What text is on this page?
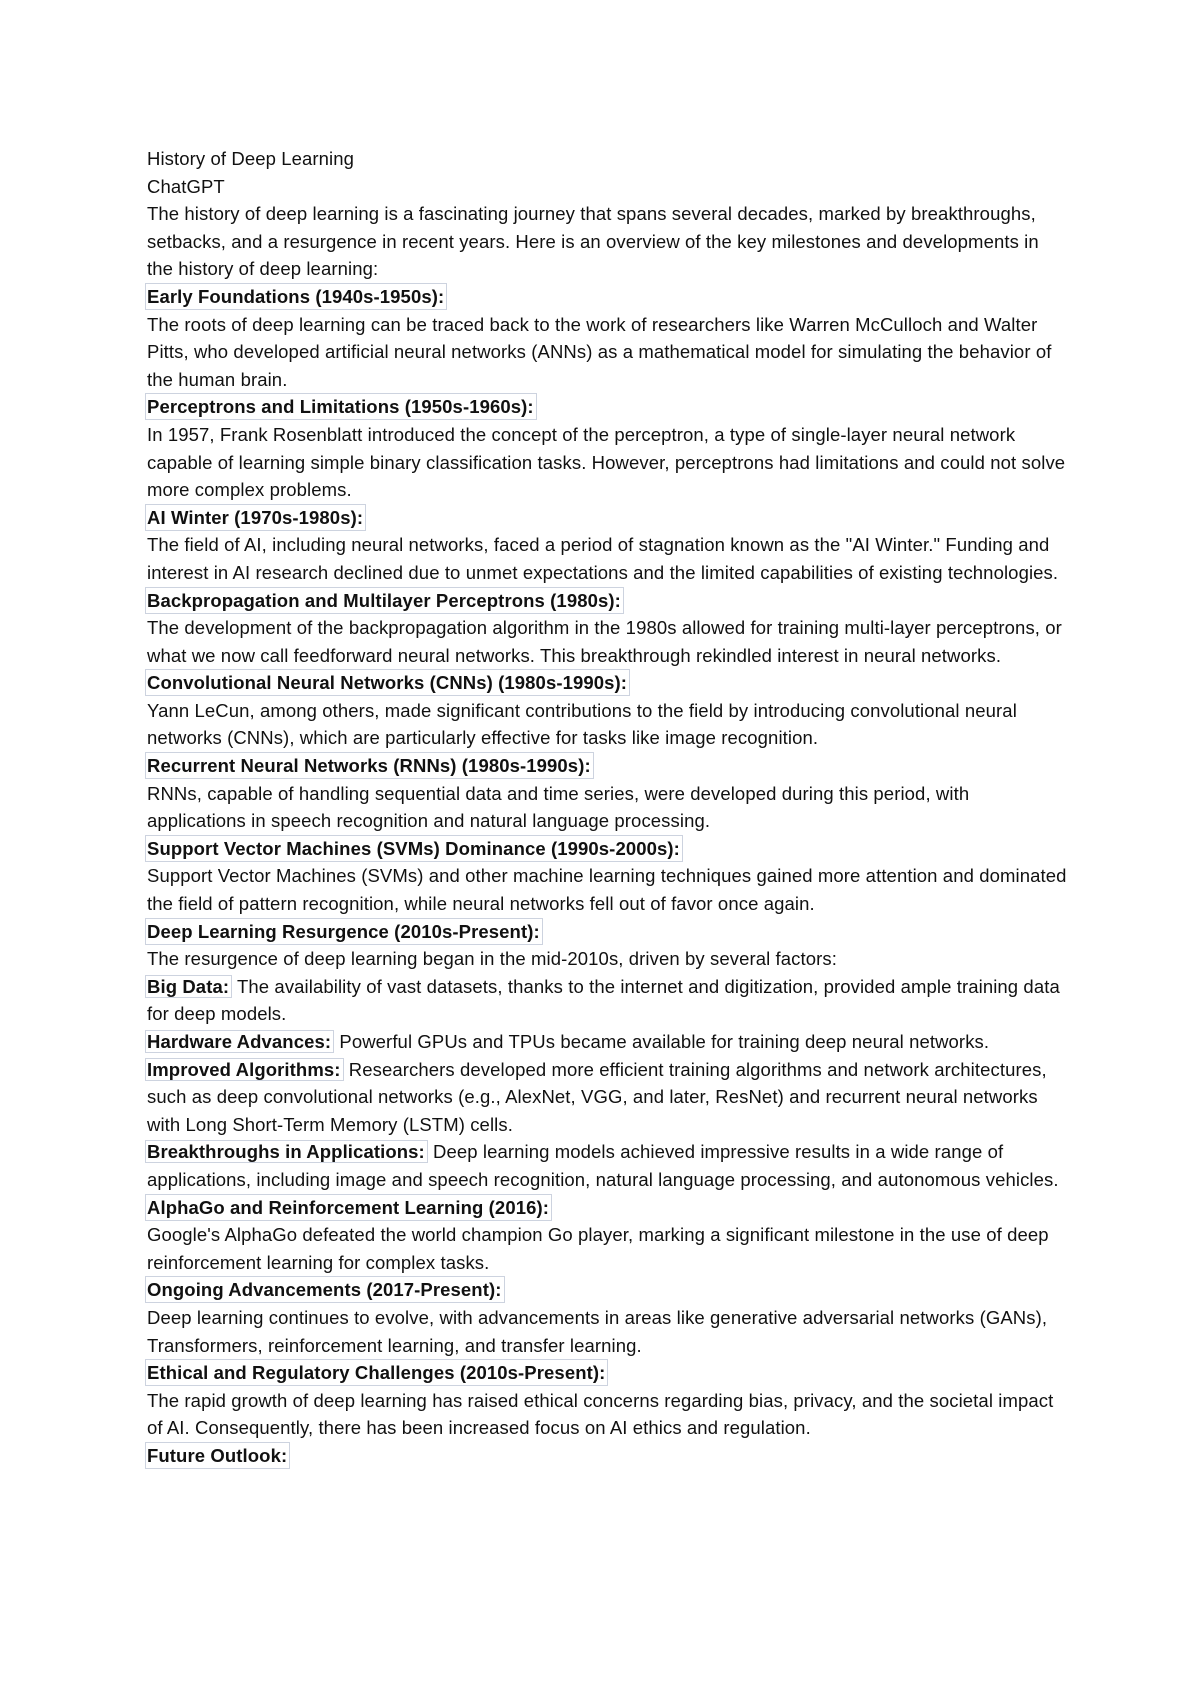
History of Deep Learning
ChatGPT
The history of deep learning is a fascinating journey that spans several decades, marked by breakthroughs, setbacks, and a resurgence in recent years. Here is an overview of the key milestones and developments in the history of deep learning:
Early Foundations (1940s-1950s):
The roots of deep learning can be traced back to the work of researchers like Warren McCulloch and Walter Pitts, who developed artificial neural networks (ANNs) as a mathematical model for simulating the behavior of the human brain.
Perceptrons and Limitations (1950s-1960s):
In 1957, Frank Rosenblatt introduced the concept of the perceptron, a type of single-layer neural network capable of learning simple binary classification tasks. However, perceptrons had limitations and could not solve more complex problems.
AI Winter (1970s-1980s):
The field of AI, including neural networks, faced a period of stagnation known as the "AI Winter." Funding and interest in AI research declined due to unmet expectations and the limited capabilities of existing technologies.
Backpropagation and Multilayer Perceptrons (1980s):
The development of the backpropagation algorithm in the 1980s allowed for training multi-layer perceptrons, or what we now call feedforward neural networks. This breakthrough rekindled interest in neural networks.
Convolutional Neural Networks (CNNs) (1980s-1990s):
Yann LeCun, among others, made significant contributions to the field by introducing convolutional neural networks (CNNs), which are particularly effective for tasks like image recognition.
Recurrent Neural Networks (RNNs) (1980s-1990s):
RNNs, capable of handling sequential data and time series, were developed during this period, with applications in speech recognition and natural language processing.
Support Vector Machines (SVMs) Dominance (1990s-2000s):
Support Vector Machines (SVMs) and other machine learning techniques gained more attention and dominated the field of pattern recognition, while neural networks fell out of favor once again.
Deep Learning Resurgence (2010s-Present):
The resurgence of deep learning began in the mid-2010s, driven by several factors:
Big Data: The availability of vast datasets, thanks to the internet and digitization, provided ample training data for deep models.
Hardware Advances: Powerful GPUs and TPUs became available for training deep neural networks.
Improved Algorithms: Researchers developed more efficient training algorithms and network architectures, such as deep convolutional networks (e.g., AlexNet, VGG, and later, ResNet) and recurrent neural networks with Long Short-Term Memory (LSTM) cells.
Breakthroughs in Applications: Deep learning models achieved impressive results in a wide range of applications, including image and speech recognition, natural language processing, and autonomous vehicles.
AlphaGo and Reinforcement Learning (2016):
Google's AlphaGo defeated the world champion Go player, marking a significant milestone in the use of deep reinforcement learning for complex tasks.
Ongoing Advancements (2017-Present):
Deep learning continues to evolve, with advancements in areas like generative adversarial networks (GANs), Transformers, reinforcement learning, and transfer learning.
Ethical and Regulatory Challenges (2010s-Present):
The rapid growth of deep learning has raised ethical concerns regarding bias, privacy, and the societal impact of AI. Consequently, there has been increased focus on AI ethics and regulation.
Future Outlook:
